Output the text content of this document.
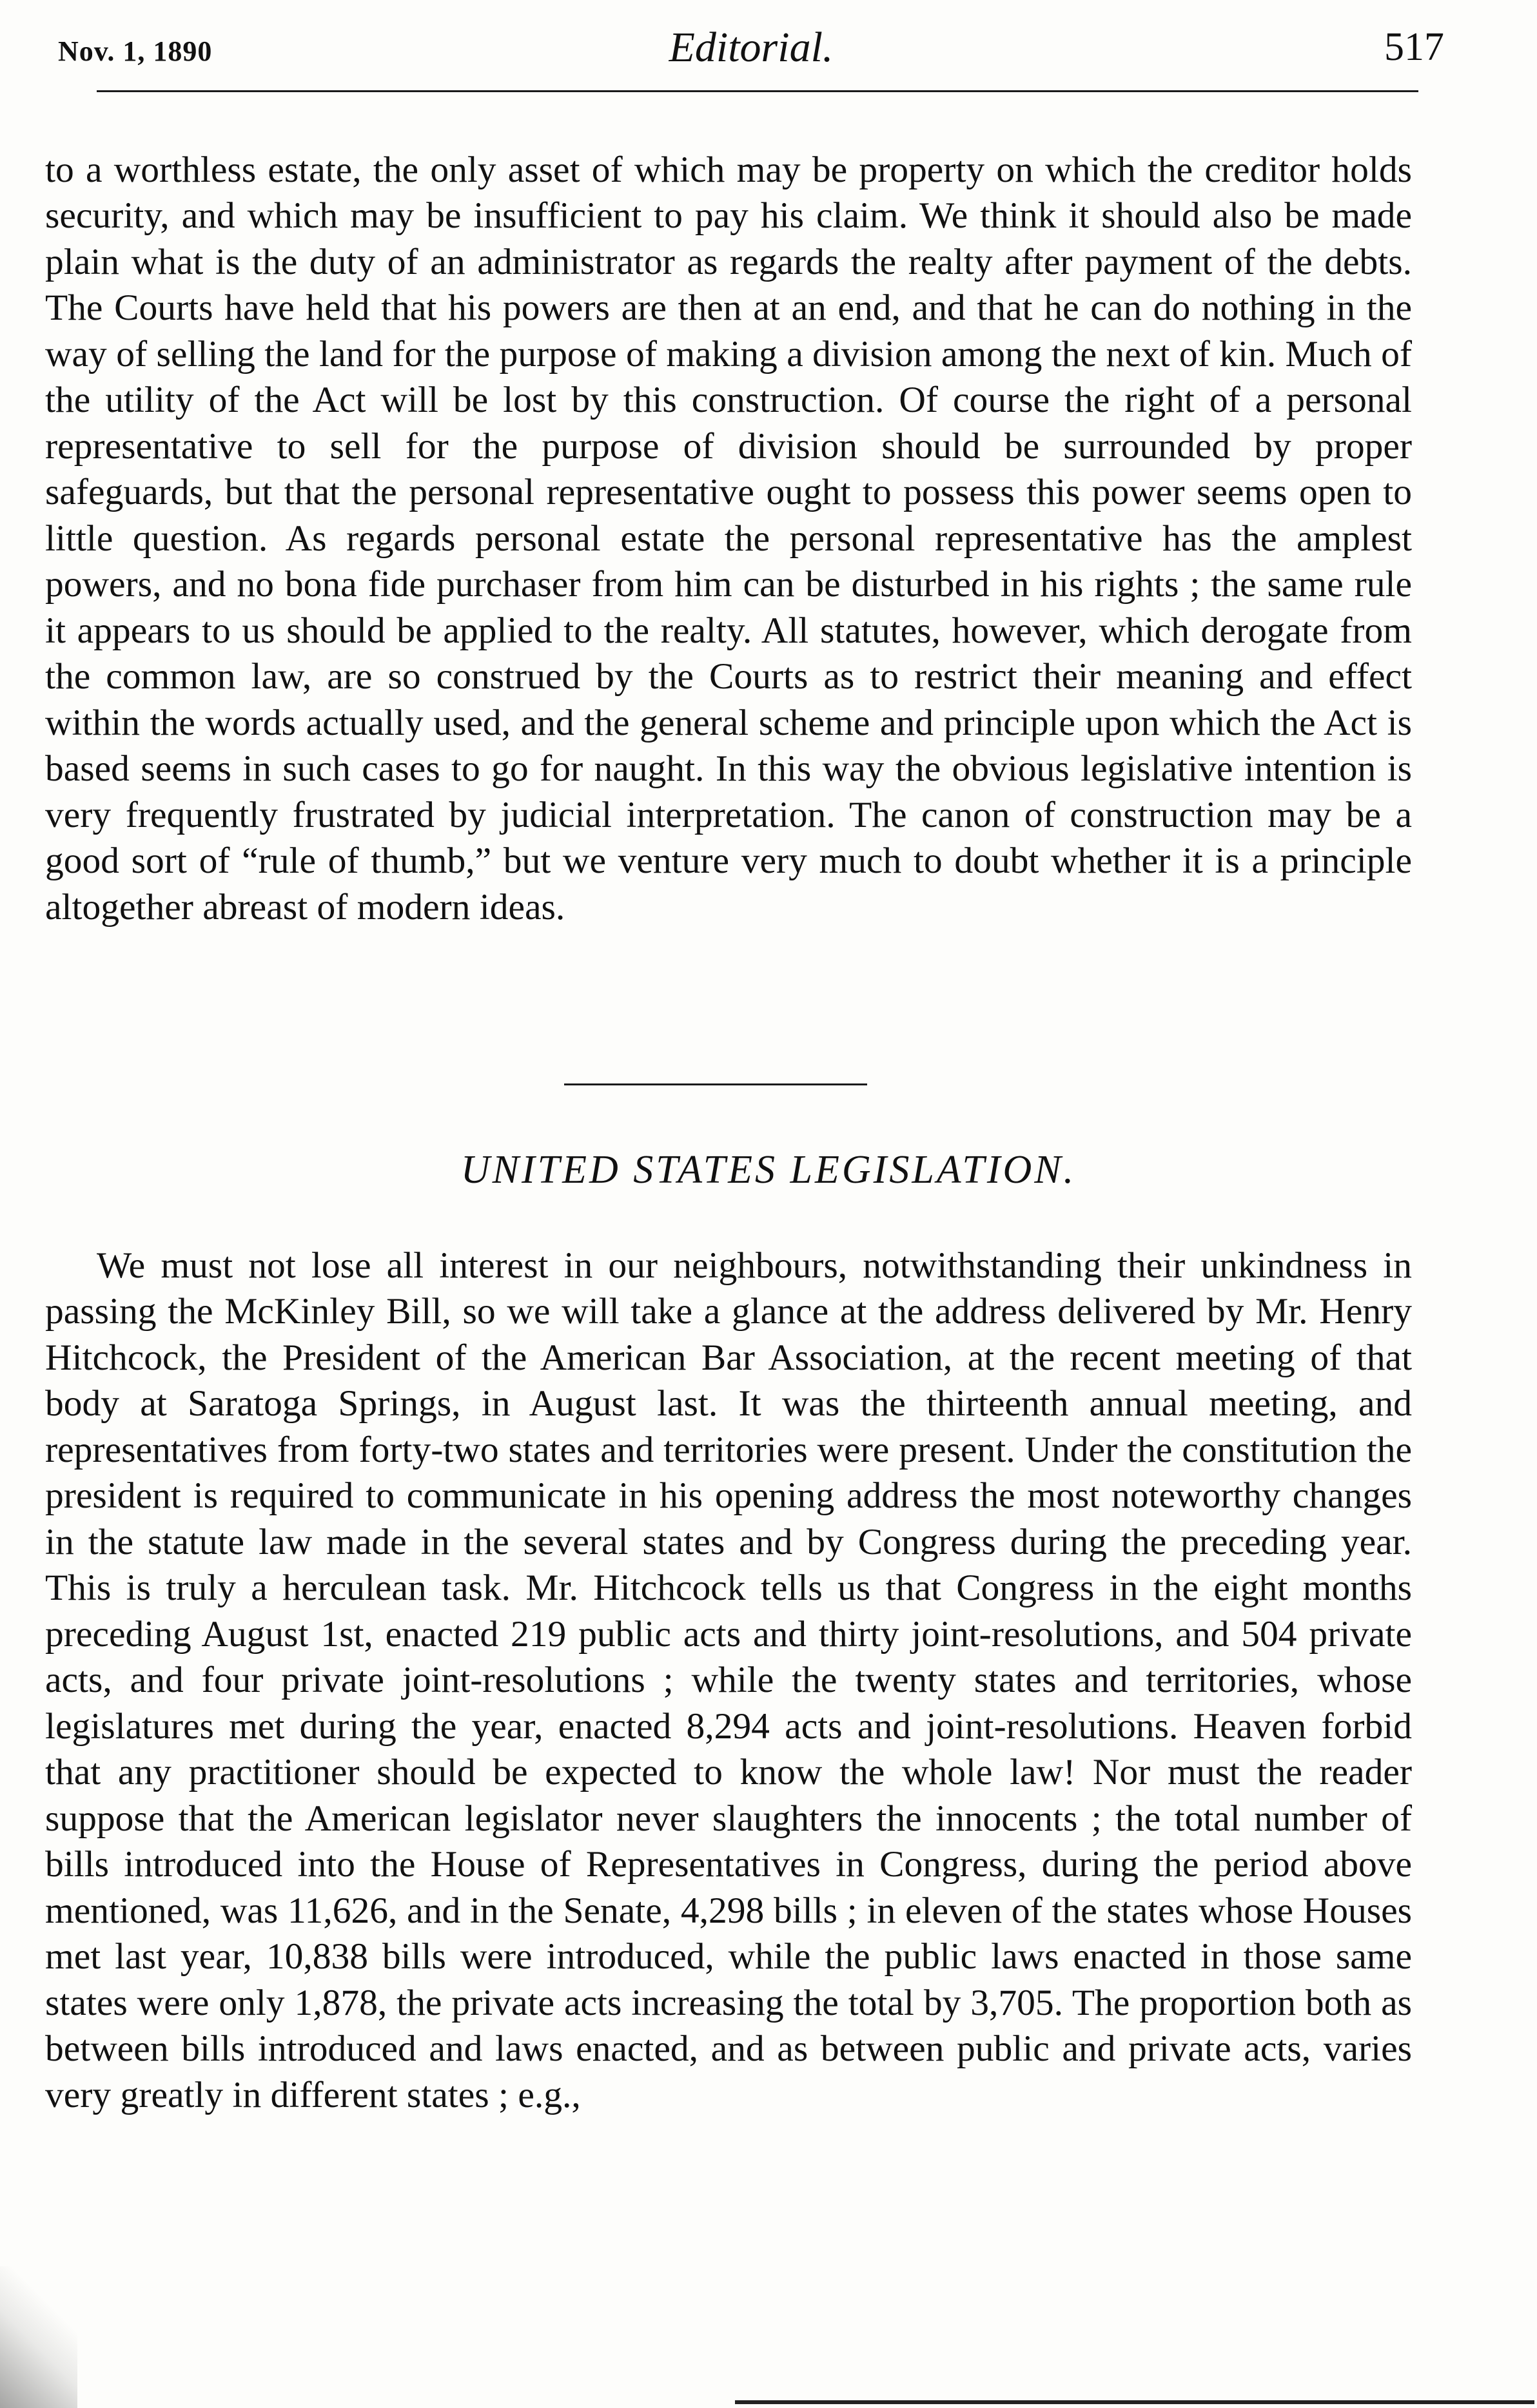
Nov. 1, 1890	Editorial.	517

to a worthless estate, the only asset of which may be property on which the creditor holds security, and which may be insufficient to pay his claim. We think it should also be made plain what is the duty of an administrator as regards the realty after payment of the debts. The Courts have held that his powers are then at an end, and that he can do nothing in the way of selling the land for the purpose of making a division among the next of kin. Much of the utility of the Act will be lost by this construction. Of course the right of a personal representative to sell for the purpose of division should be surrounded by proper safeguards, but that the personal representative ought to possess this power seems open to little question. As regards personal estate the personal representative has the amplest powers, and no bona fide purchaser from him can be disturbed in his rights ; the same rule it appears to us should be applied to the realty. All statutes, however, which derogate from the common law, are so construed by the Courts as to restrict their meaning and effect within the words actually used, and the general scheme and principle upon which the Act is based seems in such cases to go for naught. In this way the obvious legislative intention is very frequently frustrated by judicial interpretation. The canon of construction may be a good sort of “rule of thumb,” but we venture very much to doubt whether it is a principle altogether abreast of modern ideas.

UNITED STATES LEGISLATION.

We must not lose all interest in our neighbours, notwithstanding their unkindness in passing the McKinley Bill, so we will take a glance at the address delivered by Mr. Henry Hitchcock, the President of the American Bar Association, at the recent meeting of that body at Saratoga Springs, in August last. It was the thirteenth annual meeting, and representatives from forty-two states and territories were present. Under the constitution the president is required to communicate in his opening address the most noteworthy changes in the statute law made in the several states and by Congress during the preceding year. This is truly a herculean task. Mr. Hitchcock tells us that Congress in the eight months preceding August 1st, enacted 219 public acts and thirty joint-resolutions, and 504 private acts, and four private joint-resolutions ; while the twenty states and territories, whose legislatures met during the year, enacted 8,294 acts and joint-resolutions. Heaven forbid that any practitioner should be expected to know the whole law! Nor must the reader suppose that the American legislator never slaughters the innocents ; the total number of bills introduced into the House of Representatives in Congress, during the period above mentioned, was 11,626, and in the Senate, 4,298 bills ; in eleven of the states whose Houses met last year, 10,838 bills were introduced, while the public laws enacted in those same states were only 1,878, the private acts increasing the total by 3,705. The proportion both as between bills introduced and laws enacted, and as between public and private acts, varies very greatly in different states ; e.g.,
